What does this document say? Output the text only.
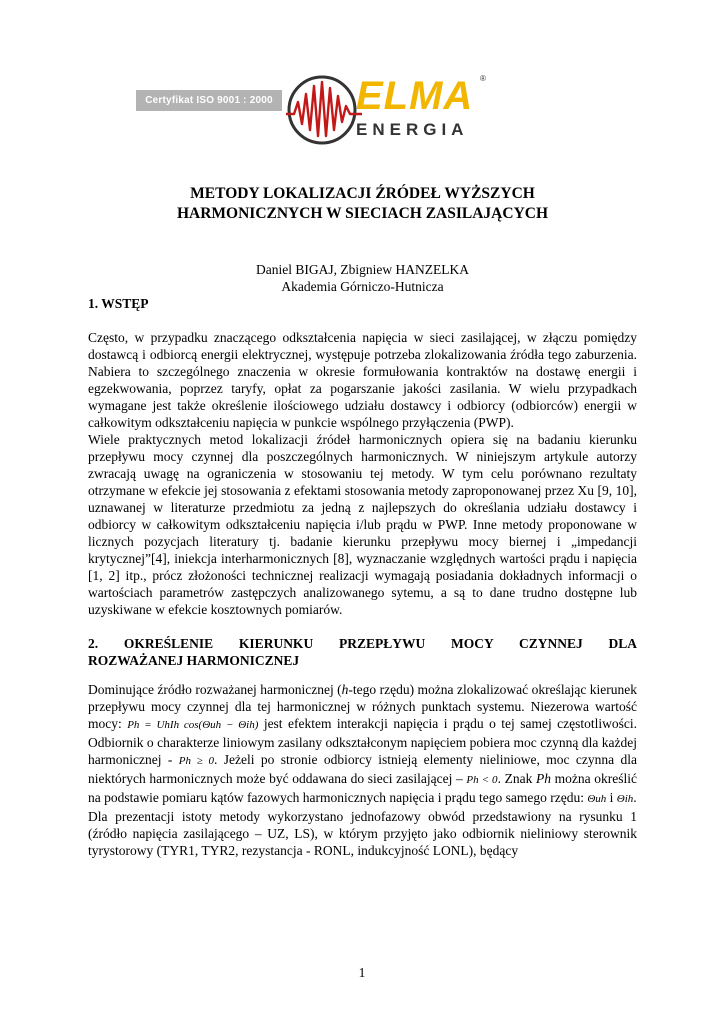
Certyfikat ISO 9001 : 2000 ELMA ®
ENERGIA
METODY LOKALIZACJI ŹRÓDEŁ WYŻSZYCH
HARMONICZNYCH W SIECIACH ZASILAJĄCYCH
Daniel BIGAJ, Zbigniew HANZELKA
Akademia Górniczo-Hutnicza
1. WSTĘP

Często, w przypadku znaczącego odkształcenia napięcia w sieci zasilającej, w złączu pomiędzy dostawcą i odbiorcą energii elektrycznej, występuje potrzeba zlokalizowania źródła tego zaburzenia. Nabiera to szczególnego znaczenia w okresie formułowania kontraktów na dostawę energii i egzekwowania, poprzez taryfy, opłat za pogarszanie jakości zasilania. W wielu przypadkach wymagane jest także określenie ilościowego udziału dostawcy i odbiorcy (odbiorców) energii w całkowitym odkształceniu napięcia w punkcie wspólnego przyłączenia (PWP).

Wiele praktycznych metod lokalizacji źródeł harmonicznych opiera się na badaniu kierunku przepływu mocy czynnej dla poszczególnych harmonicznych. W niniejszym artykule autorzy zwracają uwagę na ograniczenia w stosowaniu tej metody. W tym celu porównano rezultaty otrzymane w efekcie jej stosowania z efektami stosowania metody zaproponowanej przez Xu [9, 10], uznawanej w literaturze przedmiotu za jedną z najlepszych do określania udziału dostawcy i odbiorcy w całkowitym odkształceniu napięcia i/lub prądu w PWP. Inne metody proponowane w licznych pozycjach literatury tj. badanie kierunku przepływu mocy biernej i „impedancji krytycznej”[4], iniekcja interharmonicznych [8], wyznaczanie względnych wartości prądu i napięcia [1, 2] itp., prócz złożoności technicznej realizacji wymagają posiadania dokładnych informacji o wartościach parametrów zastępczych analizowanego sytemu, a są to dane trudno dostępne lub uzyskiwane w efekcie kosztownych pomiarów.

2. OKREŚLENIE KIERUNKU PRZEPŁYWU MOCY CZYNNEJ DLA
ROZWAŻANEJ HARMONICZNEJ

Dominujące źródło rozważanej harmonicznej (h-tego rzędu) można zlokalizować określając kierunek przepływu mocy czynnej dla tej harmonicznej w różnych punktach systemu. Niezerowa wartość mocy: Ph = UhIh cos(Θuh − Θih) jest efektem interakcji napięcia i prądu o tej samej częstotliwości. Odbiornik o charakterze liniowym zasilany odkształconym napięciem pobiera moc czynną dla każdej harmonicznej - Ph ≥ 0. Jeżeli po stronie odbiorcy istnieją elementy nieliniowe, moc czynna dla niektórych harmonicznych może być oddawana do sieci zasilającej – Ph < 0. Znak Ph można określić na podstawie pomiaru kątów fazowych harmonicznych napięcia i prądu tego samego rzędu: Θuh i Θih.

Dla prezentacji istoty metody wykorzystano jednofazowy obwód przedstawiony na rysunku 1 (źródło napięcia zasilającego – UZ, LS), w którym przyjęto jako odbiornik nieliniowy sterownik tyrystorowy (TYR1, TYR2, rezystancja - RONL, indukcyjność LONL), będący

1
